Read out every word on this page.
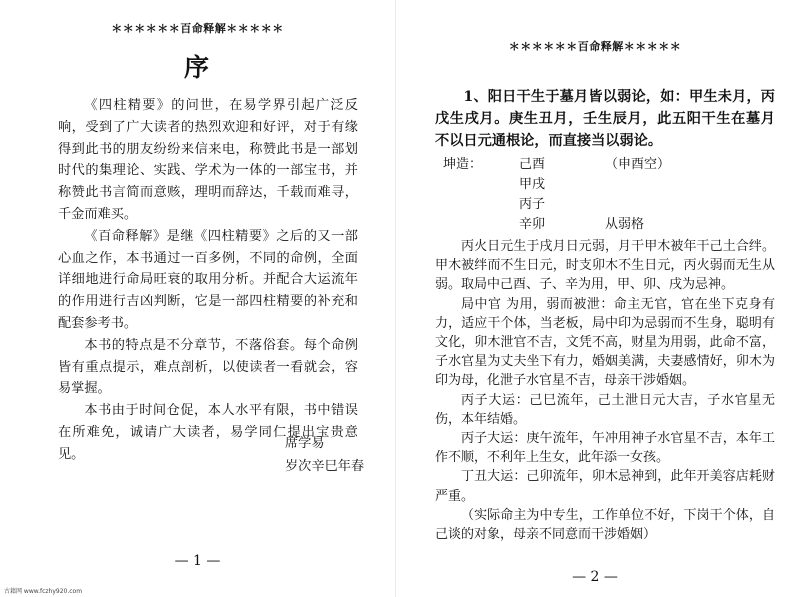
＊＊＊＊＊＊百命释解＊＊＊＊＊
序

《四柱精要》的问世，在易学界引起广泛反响，受到了广大读者的热烈欢迎和好评，对于有缘得到此书的朋友纷纷来信来电，称赞此书是一部划时代的集理论、实践、学术为一体的一部宝书，并称赞此书言简而意赅，理明而辞达，千载而难寻，千金而难买。

《百命释解》是继《四柱精要》之后的又一部心血之作，本书通过一百多例，不同的命例，全面详细地进行命局旺衰的取用分析。并配合大运流年的作用进行吉凶判断，它是一部四柱精要的补充和配套参考书。

本书的特点是不分章节，不落俗套。每个命例皆有重点提示，难点剖析，以使读者一看就会，容易掌握。

本书由于时间仓促，本人水平有限，书中错误在所难免，诚请广大读者，易学同仁提出宝贵意见。

席学易
岁次辛巳年春
— 1 —
＊＊＊＊＊＊百命释解＊＊＊＊＊

1、阳日干生于墓月皆以弱论，如：甲生未月，丙戊生戌月。庚生丑月，壬生辰月，此五阳干生在墓月不以日元通根论，而直接当以弱论。

坤造：	己酉	（申酉空）
甲戌
丙子
辛卯	从弱格

丙火日元生于戌月日元弱，月干甲木被年干己土合绊。甲木被绊而不生日元，时支卯木不生日元，丙火弱而无生从弱。取局中己酉、子、辛为用，甲、卯、戌为忌神。

局中官 为用，弱而被泄：命主无官，官在坐下克身有力，适应干个体，当老板，局中印为忌弱而不生身，聪明有文化，卯木泄官不吉，文凭不高，财星为用弱，此命不富，子水官星为丈夫坐下有力，婚姻美满，夫妻感情好，卯木为印为母，化泄子水官星不吉，母亲干涉婚姻。

丙子大运：己巳流年，己土泄日元大吉，子水官星无伤，本年结婚。

丙子大运：庚午流年，午冲用神子水官星不吉，本年工作不顺，不利年上生女，此年添一女孩。

丁丑大运：己卯流年，卯木忌神到，此年开美容店耗财严重。

（实际命主为中专生，工作单位不好，下岗干个体，自己谈的对象，母亲不同意而干涉婚姻）

— 2 —
古籍网 www.fczhy920.com
